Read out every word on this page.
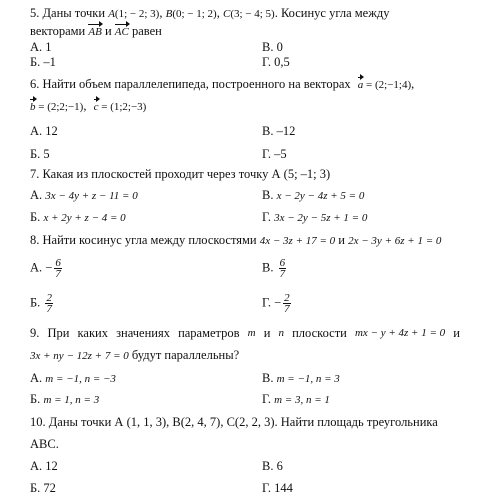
5. Даны точки A(1; − 2; 3), B(0; − 1; 2), C(3; − 4; 5). Косинус угла между
векторами AB и AC равен
А. 1	В. 0
Б. –1	Г. 0,5
6. Найти объем параллелепипеда, построенного на векторах a = (2;−1;4),
b = (2;2;−1), c = (1;2;−3)
А. 12	В. –12
Б. 5	Г. –5
7. Какая из плоскостей проходит через точку А (5; –1; 3)
А. 3x − 4y + z − 11 = 0	В. x − 2y − 4z + 5 = 0
Б. x + 2y + z − 4 = 0	Г. 3x − 2y − 5z + 1 = 0
8. Найти косинус угла между плоскостями 4x − 3z + 17 = 0 и 2x − 3y + 6z + 1 = 0
А. − $\frac{6}{7}$	В. $\frac{6}{7}$
Б. $\frac{2}{7}$	Г. − $\frac{2}{7}$
9. При каких значениях параметров m и n плоскости mx − y + 4z + 1 = 0 и
3x + ny − 12z + 7 = 0 будут параллельны?
А. m = −1, n = −3	В. m = −1, n = 3
Б. m = 1, n = 3	Г. m = 3, n = 1
10. Даны точки А (1, 1, 3), В(2, 4, 7), С(2, 2, 3). Найти площадь треугольника
АВС.
А. 12	В. 6
Б. 72	Г. 144
